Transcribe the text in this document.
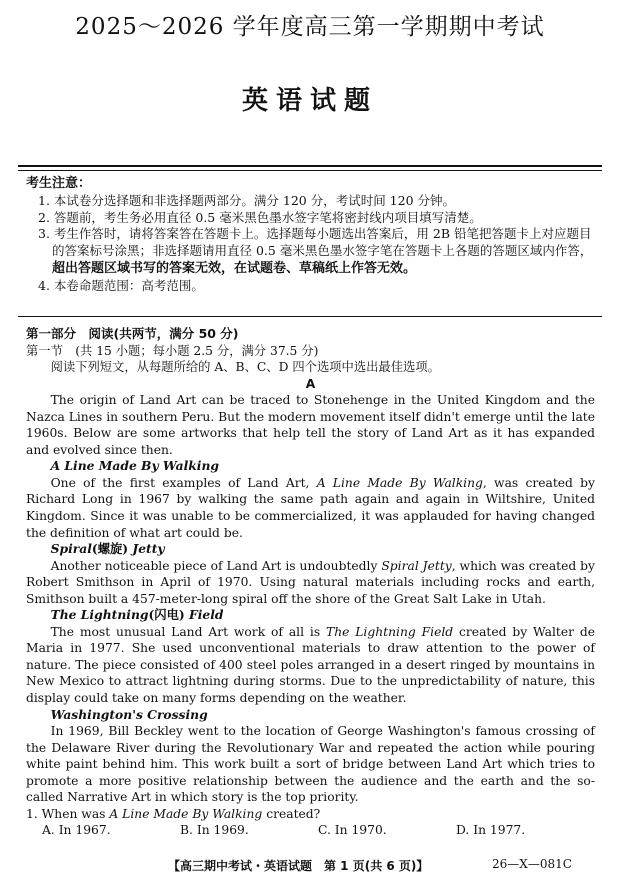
2025～2026 学年度高三第一学期期中考试
英语试题

考生注意：

1. 本试卷分选择题和非选择题两部分。满分 120 分，考试时间 120 分钟。

2. 答题前，考生务必用直径 0.5 毫米黑色墨水签字笔将密封线内项目填写清楚。

3. 考生作答时，请将答案答在答题卡上。选择题每小题选出答案后，用 2B 铅笔把答题卡上对应题目的答案标号涂黑；非选择题请用直径 0.5 毫米黑色墨水签字笔在答题卡上各题的答题区域内作答，超出答题区域书写的答案无效，在试题卷、草稿纸上作答无效。

4. 本卷命题范围：高考范围。

第一部分　阅读(共两节，满分 50 分)

第一节　(共 15 小题；每小题 2.5 分，满分 37.5 分)

阅读下列短文，从每题所给的 A、B、C、D 四个选项中选出最佳选项。

A

The origin of Land Art can be traced to Stonehenge in the United Kingdom and the Nazca Lines in southern Peru. But the modern movement itself didn't emerge until the late 1960s. Below are some artworks that help tell the story of Land Art as it has expanded and evolved since then.

A Line Made By Walking

One of the first examples of Land Art, A Line Made By Walking, was created by Richard Long in 1967 by walking the same path again and again in Wiltshire, United Kingdom. Since it was unable to be commercialized, it was applauded for having changed the definition of what art could be.

Spiral(螺旋) Jetty

Another noticeable piece of Land Art is undoubtedly Spiral Jetty, which was created by Robert Smithson in April of 1970. Using natural materials including rocks and earth, Smithson built a 457-meter-long spiral off the shore of the Great Salt Lake in Utah.

The Lightning(闪电) Field

The most unusual Land Art work of all is The Lightning Field created by Walter de Maria in 1977. She used unconventional materials to draw attention to the power of nature. The piece consisted of 400 steel poles arranged in a desert ringed by mountains in New Mexico to attract lightning during storms. Due to the unpredictability of nature, this display could take on many forms depending on the weather.

Washington's Crossing

In 1969, Bill Beckley went to the location of George Washington's famous crossing of the Delaware River during the Revolutionary War and repeated the action while pouring white paint behind him. This work built a sort of bridge between Land Art which tries to promote a more positive relationship between the audience and the earth and the so-called Narrative Art in which story is the top priority.

1. When was A Line Made By Walking created?

A. In 1967.	B. In 1969.	C. In 1970.	D. In 1977.

【高三期中考试・英语试题　第 1 页(共 6 页)】	26—X—081C
